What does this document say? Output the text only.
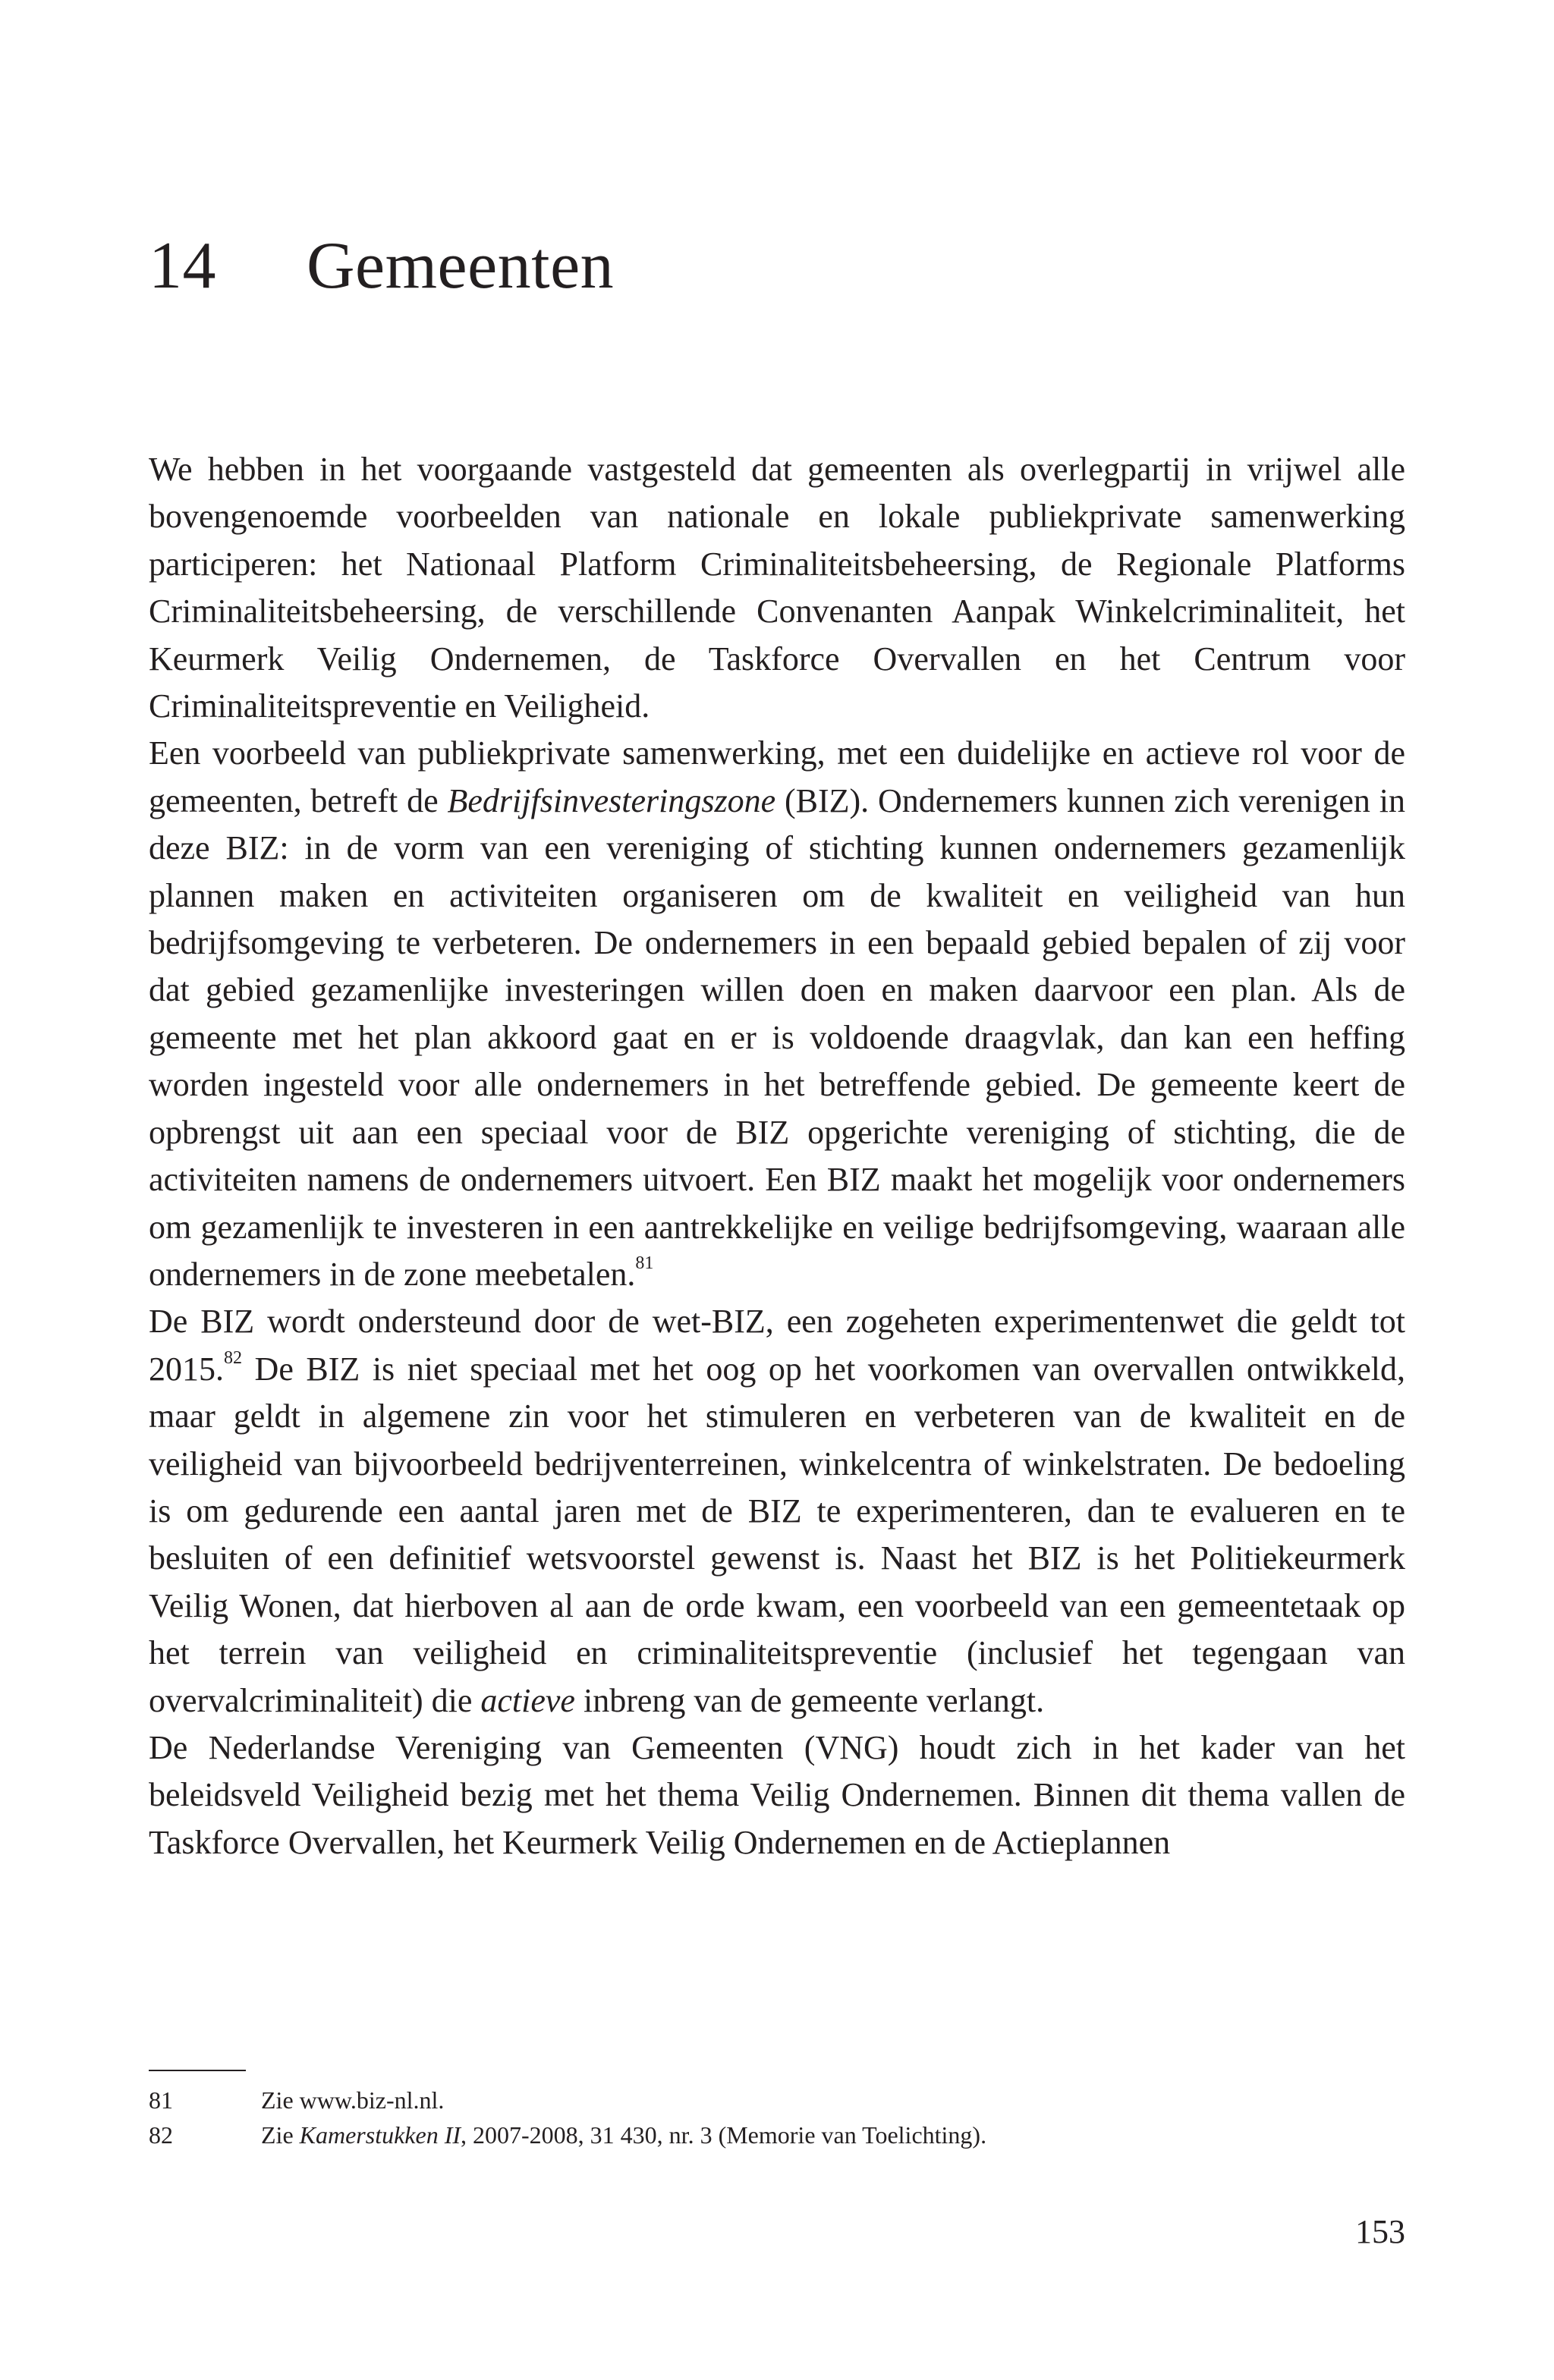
14 Gemeenten

We hebben in het voorgaande vastgesteld dat gemeenten als overlegpartij in vrijwel alle bovengenoemde voorbeelden van nationale en lokale publiekprivate samenwerking participeren: het Nationaal Platform Criminaliteitsbeheersing, de Regionale Platforms Criminaliteitsbeheersing, de verschillende Convenanten Aanpak Winkelcriminaliteit, het Keurmerk Veilig Ondernemen, de Taskforce Overvallen en het Centrum voor Criminaliteitspreventie en Veiligheid.

Een voorbeeld van publiekprivate samenwerking, met een duidelijke en actieve rol voor de gemeenten, betreft de Bedrijfsinvesteringszone (BIZ). Ondernemers kunnen zich verenigen in deze BIZ: in de vorm van een vereniging of stichting kunnen ondernemers gezamenlijk plannen maken en activiteiten organiseren om de kwaliteit en veiligheid van hun bedrijfsomgeving te verbeteren. De ondernemers in een bepaald gebied bepalen of zij voor dat gebied gezamenlijke investeringen willen doen en maken daarvoor een plan. Als de gemeente met het plan akkoord gaat en er is voldoende draagvlak, dan kan een heffing worden ingesteld voor alle ondernemers in het betreffende gebied. De gemeente keert de opbrengst uit aan een speciaal voor de BIZ opgerichte vereniging of stichting, die de activiteiten namens de ondernemers uitvoert. Een BIZ maakt het mogelijk voor ondernemers om gezamenlijk te investeren in een aantrekkelijke en veilige bedrijfsomgeving, waaraan alle ondernemers in de zone meebetalen.$^{81}$

De BIZ wordt ondersteund door de wet-BIZ, een zogeheten experimentenwet die geldt tot 2015.82 De BIZ is niet speciaal met het oog op het voorkomen van overvallen ontwikkeld, maar geldt in algemene zin voor het stimuleren en verbeteren van de kwaliteit en de veiligheid van bijvoorbeeld bedrijventerreinen, winkelcentra of winkelstraten. De bedoeling is om gedurende een aantal jaren met de BIZ te experimenteren, dan te evalueren en te besluiten of een definitief wetsvoorstel gewenst is. Naast het BIZ is het Politiekeurmerk Veilig Wonen, dat hierboven al aan de orde kwam, een voorbeeld van een gemeentetaak op het terrein van veiligheid en criminaliteitspreventie (inclusief het tegengaan van overvalcriminaliteit) die actieve inbreng van de gemeente verlangt.

De Nederlandse Vereniging van Gemeenten (VNG) houdt zich in het kader van het beleidsveld Veiligheid bezig met het thema Veilig Ondernemen. Binnen dit thema vallen de Taskforce Overvallen, het Keurmerk Veilig Ondernemen en de Actieplannen

81	Zie www.biz-nl.nl.
82	Zie Kamerstukken II, 2007-2008, 31 430, nr. 3 (Memorie van Toelichting).
153
